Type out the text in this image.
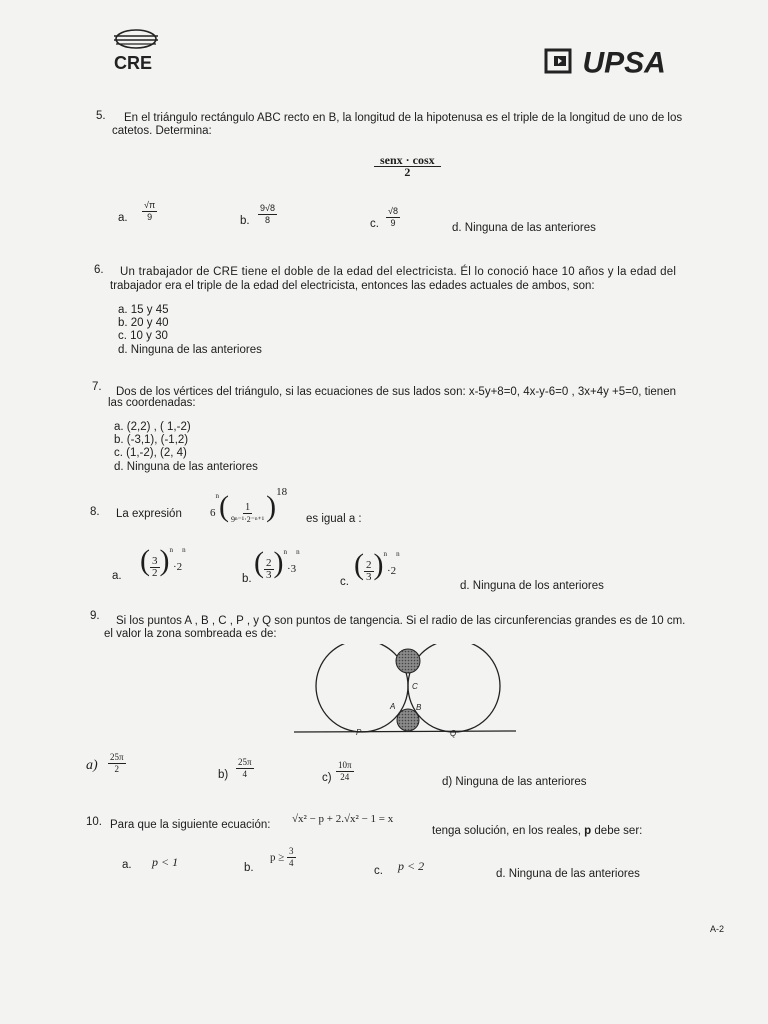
CRE	UPSA
5. En el triángulo rectángulo ABC recto en B, la longitud de la hipotenusa es el triple de la longitud de uno de los
catetos. Determina:
$\frac{\text{senx · cosx}}{2}$
a. $\frac{√\pi}{9}$	b. $\frac{9√8}{8}$	c. $\frac{√8}{9}$	d. Ninguna de las anteriores
6. Un trabajador de CRE tiene el doble de la edad del electricista. Él lo conoció hace 10 años y la edad del
trabajador era el triple de la edad del electricista, entonces las edades actuales de ambos, son:
a. 15 y 45
b. 20 y 40
c. 10 y 30
d. Ninguna de las anteriores
7. Dos de los vértices del triángulo, si las ecuaciones de sus lados son: x-5y+8=0, 4x-y-6=0 , 3x+4y +5=0, tienen
las coordenadas:
a. (2,2) , ( 1,-2)
b. (-3,1), (-1,2)
c. (1,-2), (2, 4)
d. Ninguna de las anteriores
8. La expresión	$6^n( \frac{1}{\text{9ⁿ⁻¹·2⁻ⁿ⁺¹}} )^{18}$
es igual a :
a. ( $\frac{3}{2} )^n\cdot 2^n$
b. ( $\frac{2}{3} )^n\cdot 3^n$
c.
( $\frac{2}{3} )^n\cdot 2^n$
d. Ninguna de los anteriores
9. Si los puntos A , B , C , P , y Q son puntos de tangencia. Si el radio de las circunferencias grandes es de 10 cm.
el valor la zona sombreada es de:
C
A	B
P	Q
$a) \frac{25\pi}{2}$	$b) \frac{25\pi}{4}$	$c) \frac{10\pi}{24}$	d) Ninguna de las anteriores
10. Para que la siguiente ecuación: √x² − p + 2.√x² − 1 = x
tenga solución, en los reales, p debe ser:
a. p < 1	b.
$p \ge \frac{3}{4}$
c. p < 2
d. Ninguna de las anteriores
A-2
